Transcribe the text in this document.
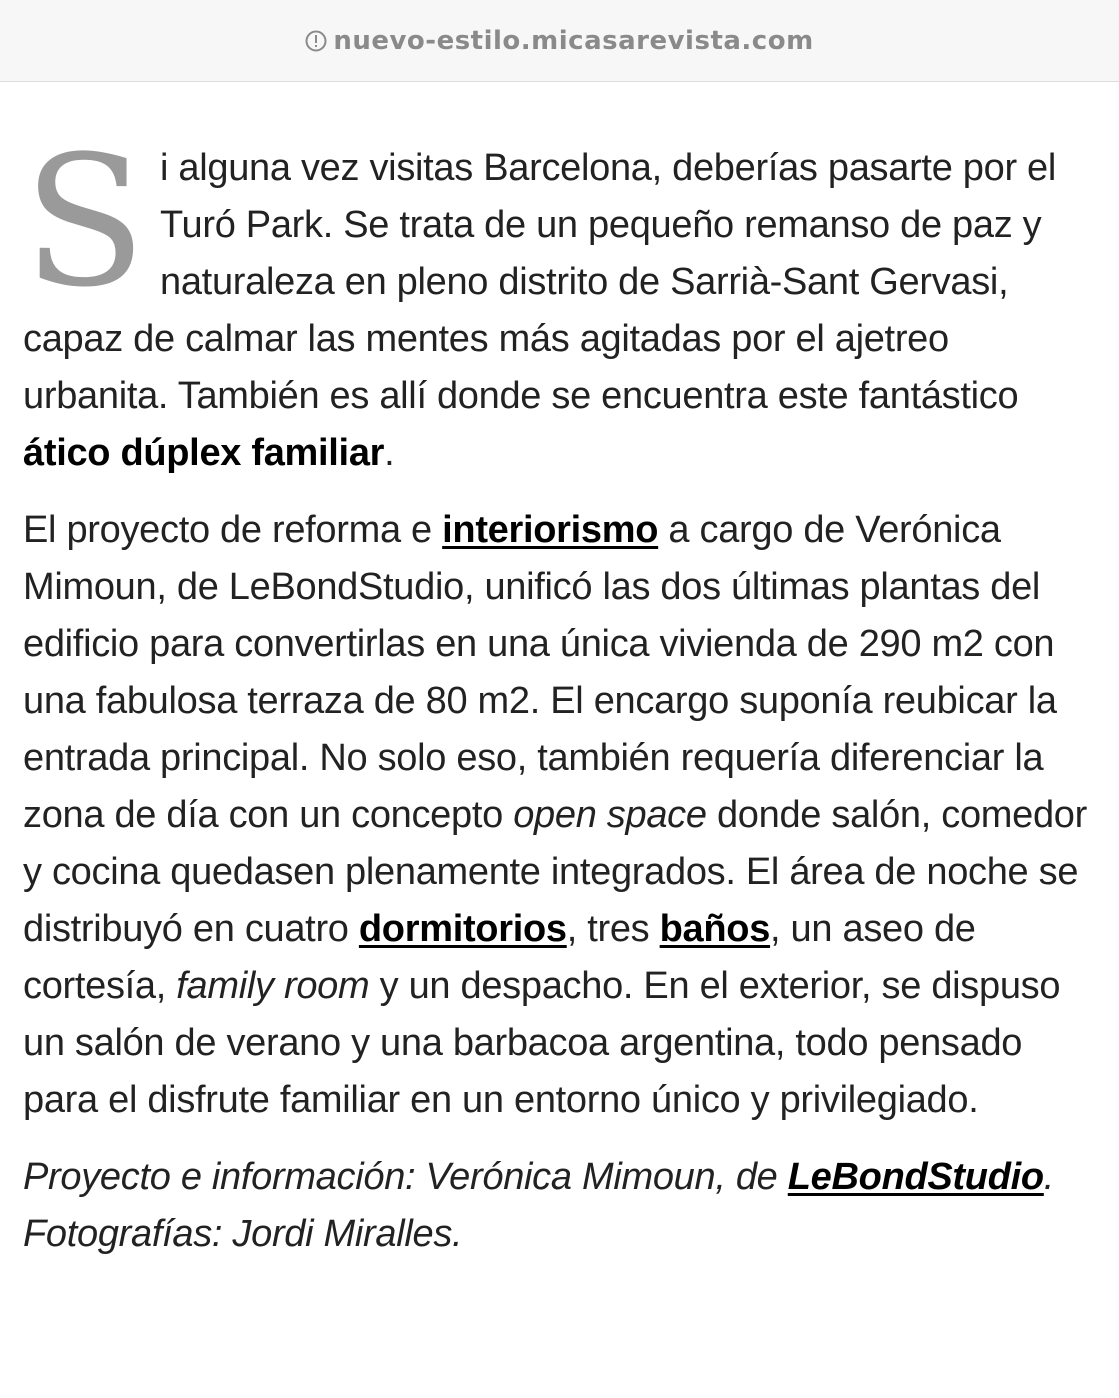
nuevo-estilo.micasarevista.com

Si alguna vez visitas Barcelona, deberías pasarte por el Turó Park. Se trata de un pequeño remanso de paz y naturaleza en pleno distrito de Sarrià-Sant Gervasi, capaz de calmar las mentes más agitadas por el ajetreo urbanita. También es allí donde se encuentra este fantástico ático dúplex familiar.

El proyecto de reforma e interiorismo a cargo de Verónica Mimoun, de LeBondStudio, unificó las dos últimas plantas del edificio para convertirlas en una única vivienda de 290 m2 con una fabulosa terraza de 80 m2. El encargo suponía reubicar la entrada principal. No solo eso, también requería diferenciar la zona de día con un concepto open space donde salón, comedor y cocina quedasen plenamente integrados. El área de noche se distribuyó en cuatro dormitorios, tres baños, un aseo de cortesía, family room y un despacho. En el exterior, se dispuso un salón de verano y una barbacoa argentina, todo pensado para el disfrute familiar en un entorno único y privilegiado.

Proyecto e información: Verónica Mimoun, de LeBondStudio. Fotografías: Jordi Miralles.
